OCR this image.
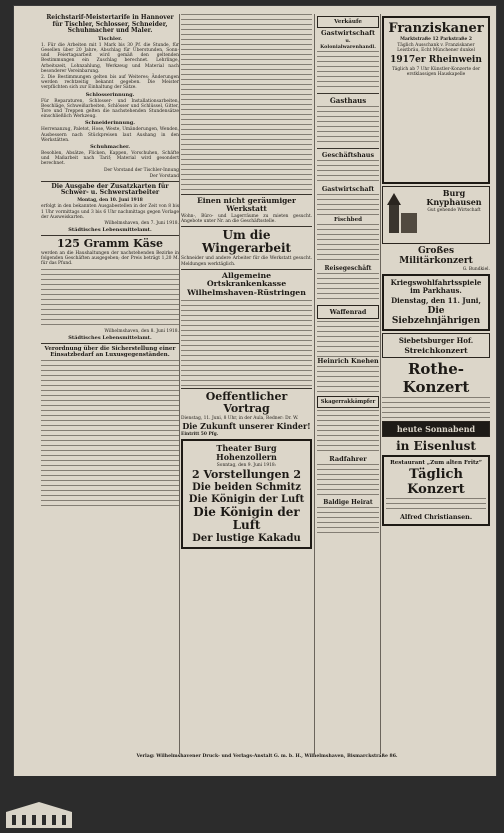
Reichstarif-Meistertarife in Hannover für Tischler, Schlosser, Schneider, Schuhmacher und Maler.
Tischler.
1. Für die Arbeiten mit 1 Mark bis 30 Pf. die Stunde, für Gesellen über 20 Jahre, Abschlag für Überstunden, Sonn- und Feiertagsarbeit wird gemäß den geltenden Bestimmungen ein Zuschlag berechnet. Lehrlinge, Arbeitszeit, Lohnzahlung, Werkzeug und Material nach besonderer Vereinbarung.
2. Die Bestimmungen gelten bis auf Weiteres; Änderungen werden rechtzeitig bekannt gegeben. Die Meister verpflichten sich zur Einhaltung der Sätze.
Schlosserinnung.
Für Reparaturen, Schlosser- und Installationsarbeiten, Beschläge, Schweißarbeiten, Schlösser und Schlüssel, Gitter, Tore und Treppen gelten die nachstehenden Stundensätze einschließlich Werkzeug.
Schneiderinnung.
Herrenanzug, Paletot, Hose, Weste, Umänderungen, Wenden, Ausbessern nach Stückpreisen laut Aushang in den Werkstätten.
Schuhmacher.
Besohlen, Absätze, Flicken, Kappen, Vorschuhen, Schäfte und Maßarbeit nach Tarif; Material wird gesondert berechnet.
Der Vorstand der Tischler-Innung
Der Vorstand
Die Ausgabe der Zusatzkarten für Schwer- u. Schwerstarbeiter
Montag, den 10. Juni 1918
erfolgt in den bekannten Ausgabestellen in der Zeit von 8 bis 1 Uhr vormittags und 3 bis 6 Uhr nachmittags gegen Vorlage der Ausweiskarten.
Wilhelmshaven, den 7. Juni 1918.
Städtisches Lebensmittelamt.
125 Gramm Käse
werden an die Haushaltungen der nachstehenden Bezirke in folgenden Geschäften ausgegeben; der Preis beträgt 1,20 M. für das Pfund.
Wilhelmshaven, den 8. Juni 1918.
Städtisches Lebensmittelamt.
Verordnung über die Sicherstellung einer Einsatzbedarf an Luxusgegenständen.
Einen nicht geräumiger Werkstatt
Wohn-, Büro- und Lagerräume zu mieten gesucht. Angebote unter Nr. an die Geschäftsstelle.
Um die Wingerarbeit
Schneider und andere Arbeiter für die Werkstatt gesucht. Meldungen werktäglich.
Allgemeine Ortskrankenkasse Wilhelmshaven-Rüstringen
Oeffentlicher Vortrag
Dienstag, 11. Juni, 8 Uhr, in der Aula, Redner: Dr. W.
Die Zukunft unserer Kinder!
Eintritt 50 Pfg.
Theater Burg Hohenzollern
Sonntag, den 9. Juni 1918:
2 Vorstellungen 2
Die beiden Schmitz
Die Königin der Luft
Die Königin der Luft
Der lustige Kakadu
Verkäufe
Gastwirtschaft
u. Kolonialwarenhandl.
Gasthaus
Geschäftshaus
Gastwirtschaft
Fischbed
Reisegeschäft
Waffenrad
Heinrich Knehen
Skagerrakkämpfer
Radfahrer
Baldige Heirat
Franziskaner
Marktstraße 12 Parkstraße 2
Täglich Ausschank v. Franziskaner Leistbräu, Echt Münchener dunkel
1917er Rheinwein
Täglich ab 7 Uhr Künstler-Konzerte der erstklassigen Hauskapelle
Burg Knyphausen
Gut gehende Wirtschaft
Großes Militärkonzert
G. Bundkiel.
Kriegswohlfahrtsspiele im Parkhaus.
Dienstag, den 11. Juni,
Die Siebzehnjährigen
Siebetsburger Hof.
Streichkonzert
Rothe-Konzert
heute Sonnabend
in Eisenlust
Restaurant „Zum alten Fritz“
Täglich Konzert
Alfred Christiansen.
Verlag: Wilhelmshavener Druck- und Verlags-Anstalt G. m. b. H., Wilhelmshaven, Bismarckstraße 86.
